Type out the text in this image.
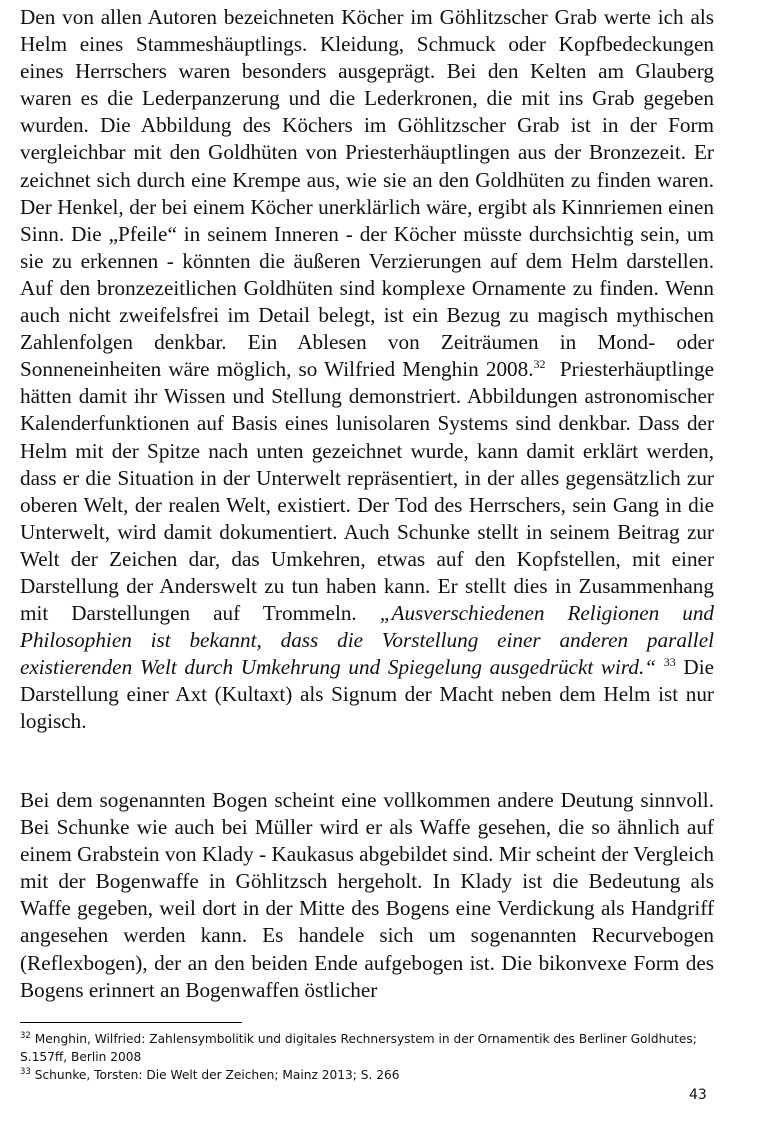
Den von allen Autoren bezeichneten Köcher im Göhlitzscher Grab werte ich als Helm eines Stammeshäuptlings. Kleidung, Schmuck oder Kopfbedeckungen eines Herrschers waren besonders ausgeprägt. Bei den Kelten am Glauberg waren es die Lederpanzerung und die Lederkronen, die mit ins Grab gegeben wurden. Die Abbildung des Köchers im Göhlitzscher Grab ist in der Form vergleichbar mit den Goldhüten von Priesterhäuptlingen aus der Bronzezeit. Er zeichnet sich durch eine Krempe aus, wie sie an den Goldhüten zu finden waren. Der Henkel, der bei einem Köcher unerklärlich wäre, ergibt als Kinnriemen einen Sinn. Die „Pfeile“ in seinem Inneren - der Köcher müsste durchsichtig sein, um sie zu erkennen - könnten die äußeren Verzierungen auf dem Helm darstellen. Auf den bronzezeitlichen Goldhüten sind komplexe Ornamente zu finden. Wenn auch nicht zweifelsfrei im Detail belegt, ist ein Bezug zu magisch mythischen Zahlenfolgen denkbar. Ein Ablesen von Zeiträumen in Mond- oder Sonneneinheiten wäre möglich, so Wilfried Menghin 2008.32 Priesterhäuptlinge hätten damit ihr Wissen und Stellung demonstriert. Abbildungen astronomischer Kalenderfunktionen auf Basis eines lunisolaren Systems sind denkbar. Dass der Helm mit der Spitze nach unten gezeichnet wurde, kann damit erklärt werden, dass er die Situation in der Unterwelt repräsentiert, in der alles gegensätzlich zur oberen Welt, der realen Welt, existiert. Der Tod des Herrschers, sein Gang in die Unterwelt, wird damit dokumentiert. Auch Schunke stellt in seinem Beitrag zur Welt der Zeichen dar, das Umkehren, etwas auf den Kopfstellen, mit einer Darstellung der Anderswelt zu tun haben kann. Er stellt dies in Zusammenhang mit Darstellungen auf Trommeln. „Ausverschiedenen Religionen und Philosophien ist bekannt, dass die Vorstellung einer anderen parallel existierenden Welt durch Umkehrung und Spiegelung ausgedrückt wird.“ $^{33}$ Die Darstellung einer Axt (Kultaxt) als Signum der Macht neben dem Helm ist nur logisch.

Bei dem sogenannten Bogen scheint eine vollkommen andere Deutung sinnvoll. Bei Schunke wie auch bei Müller wird er als Waffe gesehen, die so ähnlich auf einem Grabstein von Klady - Kaukasus abgebildet sind. Mir scheint der Vergleich mit der Bogenwaffe in Göhlitzsch hergeholt. In Klady ist die Bedeutung als Waffe gegeben, weil dort in der Mitte des Bogens eine Verdickung als Handgriff angesehen werden kann. Es handele sich um sogenannten Recurvebogen (Reflexbogen), der an den beiden Ende aufgebogen ist. Die bikonvexe Form des Bogens erinnert an Bogenwaffen östlicher

$^{32}$ Menghin, Wilfried: Zahlensymbolitik und digitales Rechnersystem in der Ornamentik des Berliner Goldhutes; S.157ff, Berlin 2008

$^{33}$ Schunke, Torsten: Die Welt der Zeichen; Mainz 2013; S. 266

43
